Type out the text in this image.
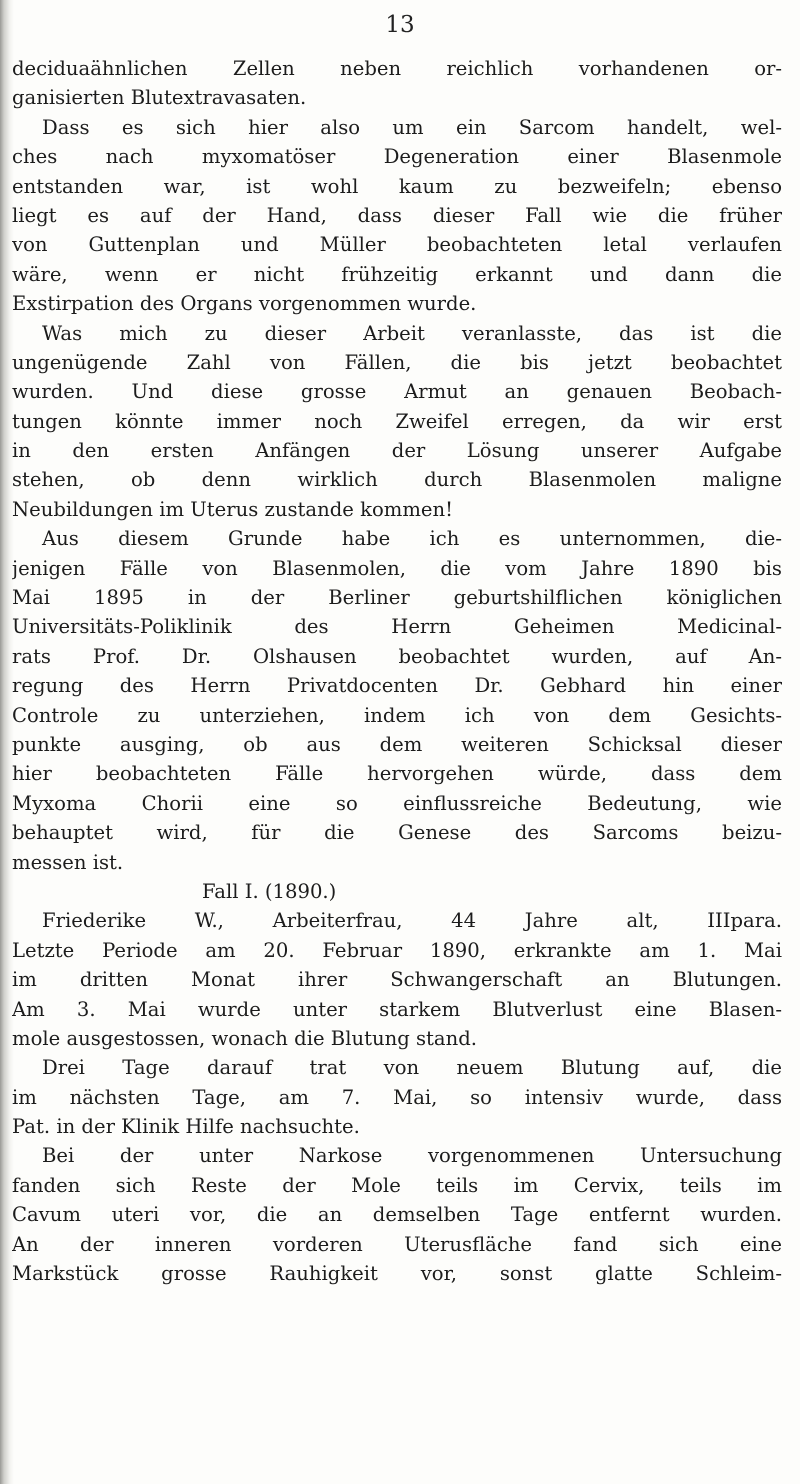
13
deciduaähnlichen Zellen neben reichlich vorhandenen or-
ganisierten Blutextravasaten.
Dass es sich hier also um ein Sarcom handelt, wel-
ches nach myxomatöser Degeneration einer Blasenmole
entstanden war, ist wohl kaum zu bezweifeln; ebenso
liegt es auf der Hand, dass dieser Fall wie die früher
von Guttenplan und Müller beobachteten letal verlaufen
wäre, wenn er nicht frühzeitig erkannt und dann die
Exstirpation des Organs vorgenommen wurde.
Was mich zu dieser Arbeit veranlasste, das ist die
ungenügende Zahl von Fällen, die bis jetzt beobachtet
wurden. Und diese grosse Armut an genauen Beobach-
tungen könnte immer noch Zweifel erregen, da wir erst
in den ersten Anfängen der Lösung unserer Aufgabe
stehen, ob denn wirklich durch Blasenmolen maligne
Neubildungen im Uterus zustande kommen!
Aus diesem Grunde habe ich es unternommen, die-
jenigen Fälle von Blasenmolen, die vom Jahre 1890 bis
Mai 1895 in der Berliner geburtshilflichen königlichen
Universitäts-Poliklinik des Herrn Geheimen Medicinal-
rats Prof. Dr. Olshausen beobachtet wurden, auf An-
regung des Herrn Privatdocenten Dr. Gebhard hin einer
Controle zu unterziehen, indem ich von dem Gesichts-
punkte ausging, ob aus dem weiteren Schicksal dieser
hier beobachteten Fälle hervorgehen würde, dass dem
Myxoma Chorii eine so einflussreiche Bedeutung, wie
behauptet wird, für die Genese des Sarcoms beizu-
messen ist.
Fall I. (1890.)
Friederike W., Arbeiterfrau, 44 Jahre alt, IIIpara.
Letzte Periode am 20. Februar 1890, erkrankte am 1. Mai
im dritten Monat ihrer Schwangerschaft an Blutungen.
Am 3. Mai wurde unter starkem Blutverlust eine Blasen-
mole ausgestossen, wonach die Blutung stand.
Drei Tage darauf trat von neuem Blutung auf, die
im nächsten Tage, am 7. Mai, so intensiv wurde, dass
Pat. in der Klinik Hilfe nachsuchte.
Bei der unter Narkose vorgenommenen Untersuchung
fanden sich Reste der Mole teils im Cervix, teils im
Cavum uteri vor, die an demselben Tage entfernt wurden.
An der inneren vorderen Uterusfläche fand sich eine
Markstück grosse Rauhigkeit vor, sonst glatte Schleim-
